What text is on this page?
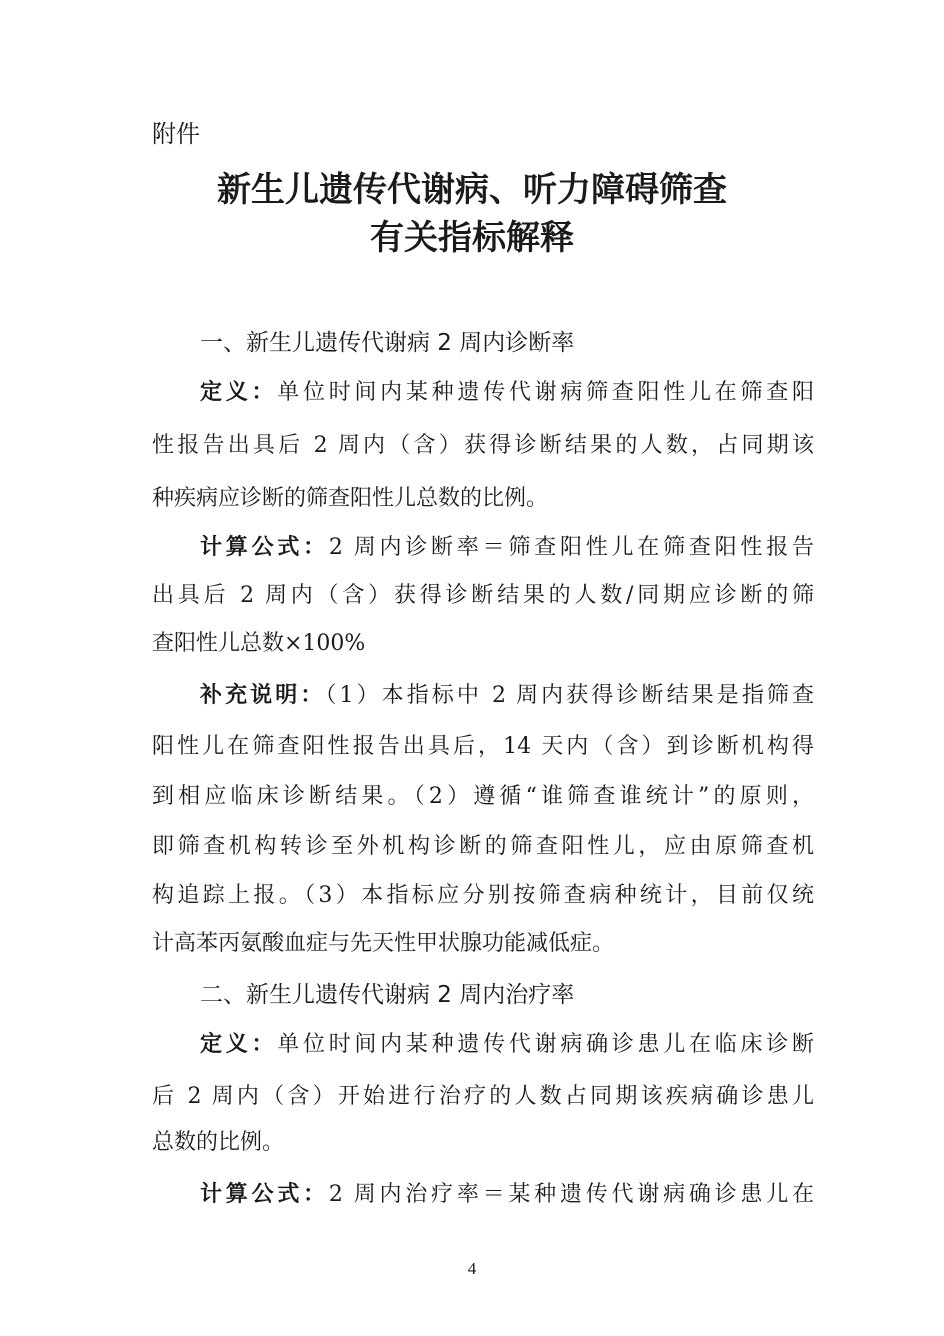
附件
新生儿遗传代谢病、听力障碍筛查
有关指标解释
一、新生儿遗传代谢病 2 周内诊断率
定义：单位时间内某种遗传代谢病筛查阳性儿在筛查阳
性报告出具后 2 周内（含）获得诊断结果的人数，占同期该
种疾病应诊断的筛查阳性儿总数的比例。
计算公式：2 周内诊断率＝筛查阳性儿在筛查阳性报告
出具后 2 周内（含）获得诊断结果的人数/同期应诊断的筛
查阳性儿总数×100%
补充说明：（1）本指标中 2 周内获得诊断结果是指筛查
阳性儿在筛查阳性报告出具后，14 天内（含）到诊断机构得
到相应临床诊断结果。（2）遵循“谁筛查谁统计”的原则，
即筛查机构转诊至外机构诊断的筛查阳性儿，应由原筛查机
构追踪上报。（3）本指标应分别按筛查病种统计，目前仅统
计高苯丙氨酸血症与先天性甲状腺功能减低症。
二、新生儿遗传代谢病 2 周内治疗率
定义：单位时间内某种遗传代谢病确诊患儿在临床诊断
后 2 周内（含）开始进行治疗的人数占同期该疾病确诊患儿
总数的比例。
计算公式：2 周内治疗率＝某种遗传代谢病确诊患儿在
4
